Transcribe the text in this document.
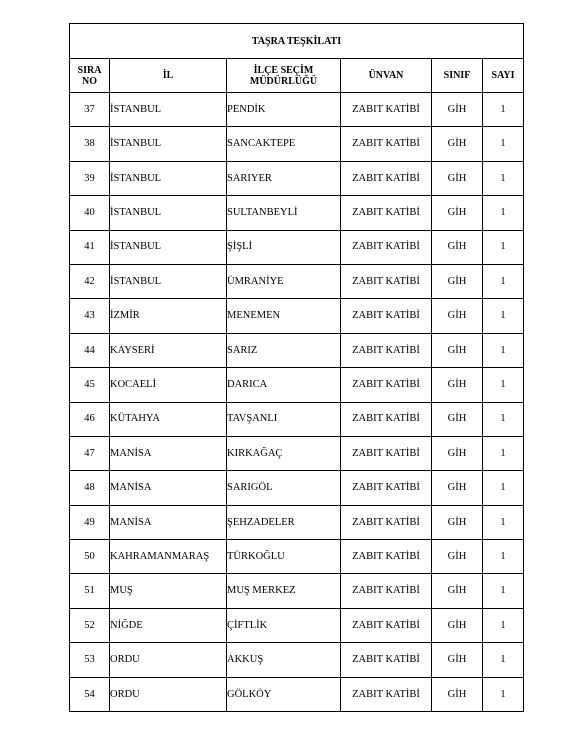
TAŞRA TEŞKİLATI					
SIRA NO	İL	İLÇE SEÇİM MÜDÜRLÜĞÜ	ÜNVAN	SINIF	SAYI
37	İSTANBUL	PENDİK	ZABIT KATİBİ	GİH	1
38	İSTANBUL	SANCAKTEPE	ZABIT KATİBİ	GİH	1
39	İSTANBUL	SARIYER	ZABIT KATİBİ	GİH	1
40	İSTANBUL	SULTANBEYLİ	ZABIT KATİBİ	GİH	1
41	İSTANBUL	ŞİŞLİ	ZABIT KATİBİ	GİH	1
42	İSTANBUL	ÜMRANİYE	ZABIT KATİBİ	GİH	1
43	İZMİR	MENEMEN	ZABIT KATİBİ	GİH	1
44	KAYSERİ	SARIZ	ZABIT KATİBİ	GİH	1
45	KOCAELİ	DARICA	ZABIT KATİBİ	GİH	1
46	KÜTAHYA	TAVŞANLI	ZABIT KATİBİ	GİH	1
47	MANİSA	KIRKAĞAÇ	ZABIT KATİBİ	GİH	1
48	MANİSA	SARIGÖL	ZABIT KATİBİ	GİH	1
49	MANİSA	ŞEHZADELER	ZABIT KATİBİ	GİH	1
50	KAHRAMANMARAŞ	TÜRKOĞLU	ZABIT KATİBİ	GİH	1
51	MUŞ	MUŞ MERKEZ	ZABIT KATİBİ	GİH	1
52	NİĞDE	ÇİFTLİK	ZABIT KATİBİ	GİH	1
53	ORDU	AKKUŞ	ZABIT KATİBİ	GİH	1
54	ORDU	GÖLKÖY	ZABIT KATİBİ	GİH	1
